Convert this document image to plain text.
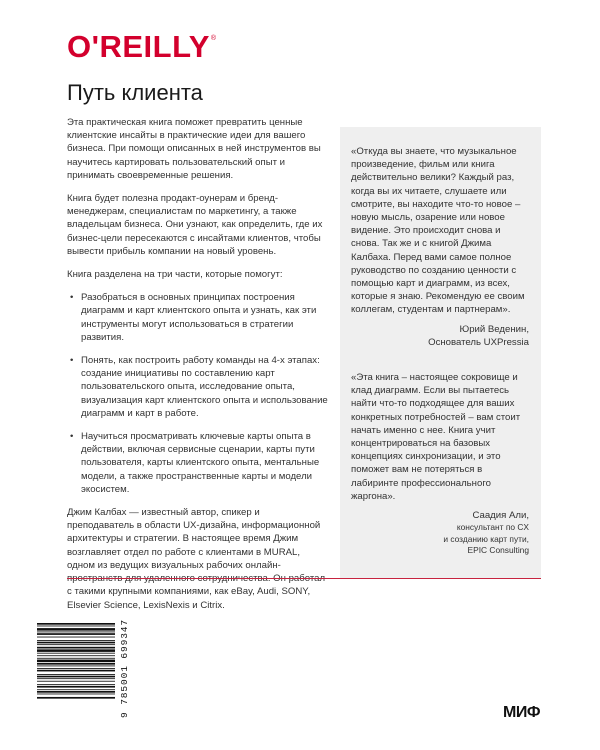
O'REILLY®
Путь клиента

Эта практическая книга поможет превратить ценные клиентские инсайты в практические идеи для вашего бизнеса. При помощи описанных в ней инструментов вы научитесь картировать пользовательский опыт и принимать своевременные решения.

Книга будет полезна продакт-оунерам и бренд-менеджерам, специалистам по маркетингу, а также владельцам бизнеса. Они узнают, как определить, где их бизнес-цели пересекаются с инсайтами клиентов, чтобы вывести прибыль компании на новый уровень.

Книга разделена на три части, которые помогут:

• Разобраться в основных принципах построения диаграмм и карт клиентского опыта и узнать, как эти инструменты могут использоваться в стратегии развития.
• Понять, как построить работу команды на 4-х этапах: создание инициативы по составлению карт пользовательского опыта, исследование опыта, визуализация карт клиентского опыта и использование диаграмм и карт в работе.
• Научиться просматривать ключевые карты опыта в действии, включая сервисные сценарии, карты пути пользователя, карты клиентского опыта, ментальные модели, а также пространственные карты и модели экосистем.

Джим Калбах — известный автор, спикер и преподаватель в области UX-дизайна, информационной архитектуры и стратегии. В настоящее время Джим возглавляет отдел по работе с клиентами в MURAL, одном из ведущих визуальных рабочих онлайн- с такими крупными компаниями, как eBay, Audi, SONY, Elsevier Science, LexisNexis и Citrix.

«Откуда вы знаете, что музыкальное произведение, фильм или книга действительно велики? Каждый раз, когда вы их читаете, слушаете или смотрите, вы находите что-то новое – новую мысль, озарение или новое видение. Это происходит снова и снова. Так же и с книгой Джима Калбаха. Перед вами самое полное руководство по созданию ценности с помощью карт и диаграмм, из всех, которые я знаю. Рекомендую ее своим коллегам, студентам и партнерам».

Юрий Веденин,
Основатель UXPressia

«Эта книга – настоящее сокровище и клад диаграмм. Если вы пытаетесь найти что-то подходящее для ваших конкретных потребностей – вам стоит начать именно с нее. Книга учит концентрироваться на базовых концепциях синхронизации, и это поможет вам не потеряться в лабиринте профессионального жаргона».

Саадия Али,
консультант по CX
и созданию карт пути,
EPIC Consulting
9 785001 699347	МИФ
